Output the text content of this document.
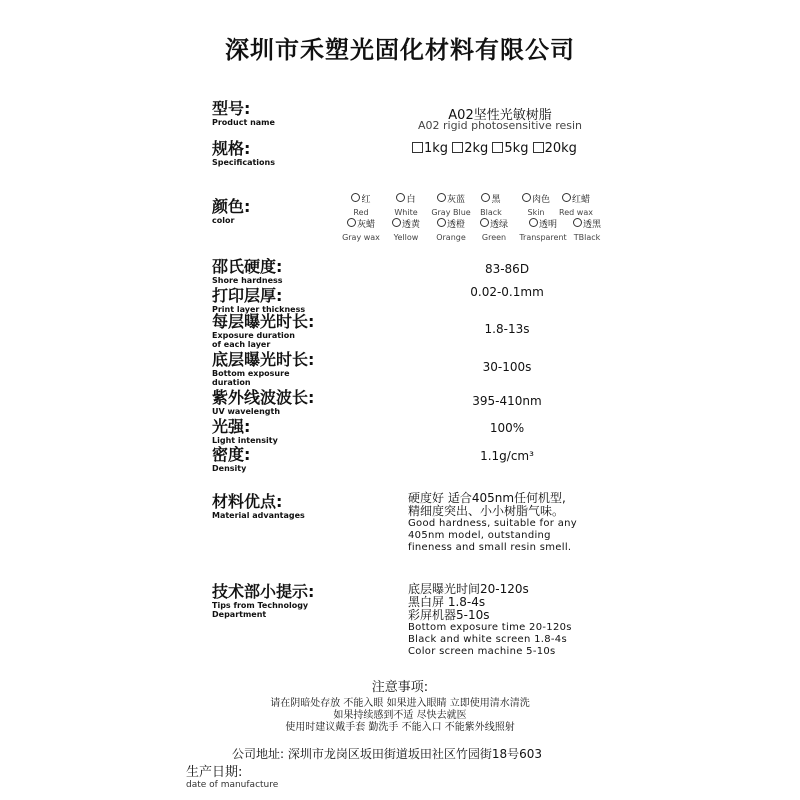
深圳市禾塑光固化材料有限公司
型号:
Product name	A02坚性光敏树脂
A02 rigid photosensitive resin
规格:
Specifications
1kg 2kg 5kg 20kg
颜色:
color
红
Red
白
White
灰蓝
Gray Blue
黑
Black
肉色
Skin
红蜡
Red wax
灰蜡
Gray wax
透黄
Yellow
透橙
Orange
透绿
Green
透明
Transparent
透黑
TBlack
邵氏硬度:
Shore hardness
83-86D
打印层厚:
Print layer thickness
0.02-0.1mm
每层曝光时长:
Exposure duration
of each layer
1.8-13s
底层曝光时长:
Bottom exposure
duration
30-100s
紫外线波波长:
UV wavelength
395-410nm
光强:
Light intensity
100%
密度:
Density
1.1g/cm³
材料优点:
Material advantages
硬度好 适合405nm任何机型,
精细度突出、小小树脂气味。
Good hardness, suitable for any
405nm model, outstanding
fineness and small resin smell.
技术部小提示:
Tips from Technology
Department
底层曝光时间20-120s
黑白屏 1.8-4s
彩屏机器5-10s
Bottom exposure time 20-120s
Black and white screen 1.8-4s
Color screen machine 5-10s
注意事项:
请在阴暗处存放 不能入眼 如果进入眼睛 立即使用清水清洗
如果持续感到不适 尽快去就医
使用时建议戴手套 勤洗手 不能入口 不能紫外线照射
公司地址: 深圳市龙岗区坂田街道坂田社区竹园街18号603
生产日期:
date of manufacture
